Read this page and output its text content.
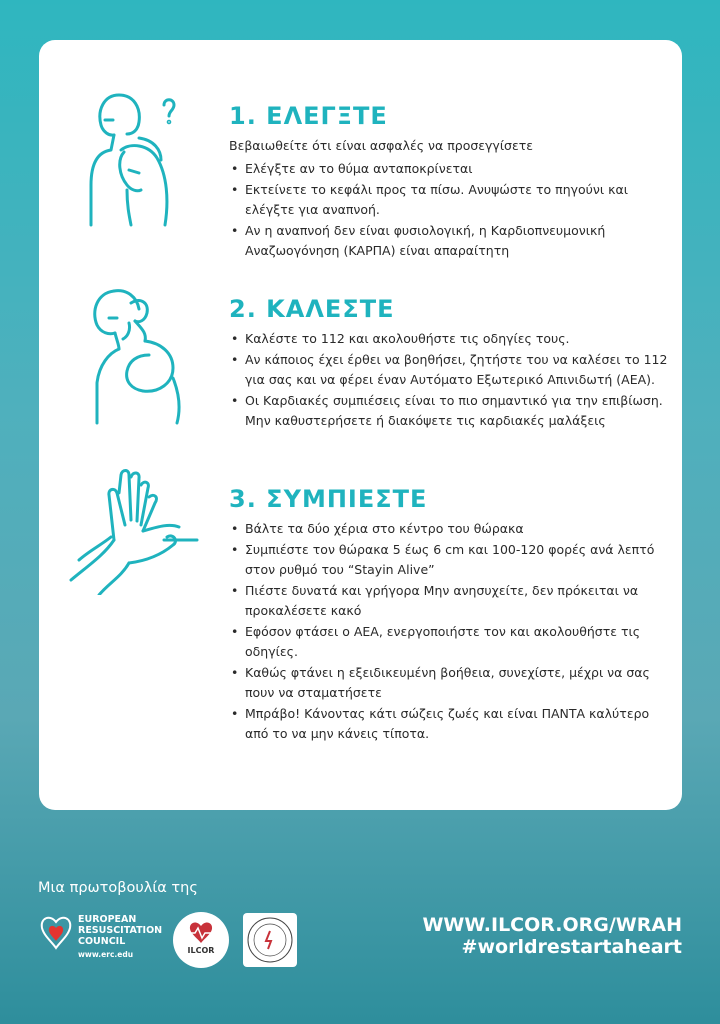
1. ΕΛΕΓΞΤΕ

Βεβαιωθείτε ότι είναι ασφαλές να προσεγγίσετε

• Ελέγξτε αν το θύμα ανταποκρίνεται
• Εκτείνετε το κεφάλι προς τα πίσω. Ανυψώστε το πηγούνι και ελέγξτε για αναπνοή.
• Αν η αναπνοή δεν είναι φυσιολογική, η Καρδιοπνευμονική Αναζωογόνηση (ΚΑΡΠΑ) είναι απαραίτητη
2. ΚΑΛΕΣΤΕ
• Καλέστε το 112 και ακολουθήστε τις οδηγίες τους.
• Αν κάποιος έχει έρθει να βοηθήσει, ζητήστε του να καλέσει το 112 για σας και να φέρει έναν Αυτόματο Εξωτερικό Απινιδωτή (ΑΕΑ).
• Οι Καρδιακές συμπιέσεις είναι το πιο σημαντικό για την επιβίωση. Μην καθυστερήσετε ή διακόψετε τις καρδιακές μαλάξεις
3. ΣΥΜΠΙΕΣΤΕ
• Βάλτε τα δύο χέρια στο κέντρο του θώρακα
• Συμπιέστε τον θώρακα 5 έως 6 cm και 100-120 φορές ανά λεπτό στον ρυθμό του “Stayin Alive”
• Πιέστε δυνατά και γρήγορα Μην ανησυχείτε, δεν πρόκειται να προκαλέσετε κακό
• Εφόσον φτάσει ο ΑΕΑ, ενεργοποιήστε τον και ακολουθήστε τις οδηγίες.
• Καθώς φτάνει η εξειδικευμένη βοήθεια, συνεχίστε, μέχρι να σας πουν να σταματήσετε
• Μπράβο! Κάνοντας κάτι σώζεις ζωές και είναι ΠΑΝΤΑ καλύτερο από το να μην κάνεις τίποτα.
Μια πρωτοβουλία της
EUROPEAN
RESUSCITATION
COUNCIL
www.erc.edu	ILCOR
WWW.ILCOR.ORG/WRAH
#worldrestartaheart
